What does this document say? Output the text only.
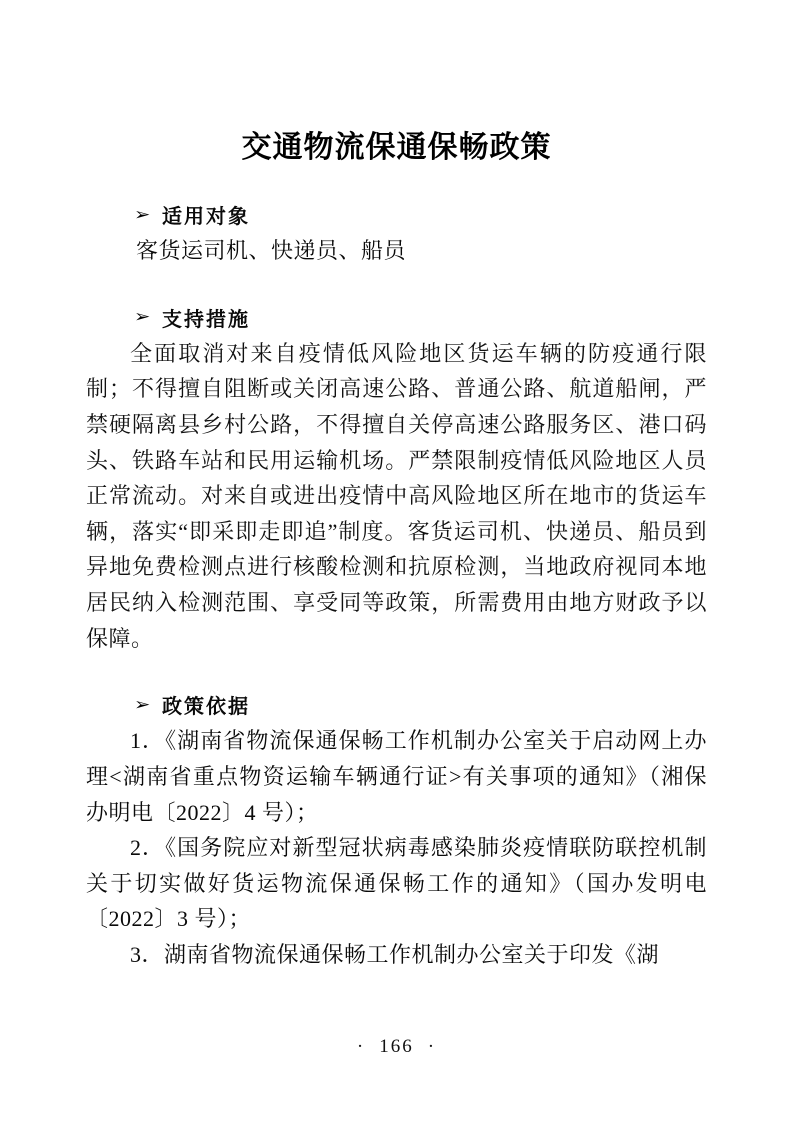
交通物流保通保畅政策
➢ 适用对象

客货运司机、快递员、船员

➢ 支持措施

全面取消对来自疫情低风险地区货运车辆的防疫通行限制；不得擅自阻断或关闭高速公路、普通公路、航道船闸，严禁硬隔离县乡村公路，不得擅自关停高速公路服务区、港口码头、铁路车站和民用运输机场。严禁限制疫情低风险地区人员正常流动。对来自或进出疫情中高风险地区所在地市的货运车辆，落实“即采即走即追”制度。客货运司机、快递员、船员到异地免费检测点进行核酸检测和抗原检测，当地政府视同本地居民纳入检测范围、享受同等政策，所需费用由地方财政予以保障。

➢ 政策依据

1．《湖南省物流保通保畅工作机制办公室关于启动网上办理<湖南省重点物资运输车辆通行证>有关事项的通知》（湘保办明电〔2022〕4 号）；

2．《国务院应对新型冠状病毒感染肺炎疫情联防联控机制关于切实做好货运物流保通保畅工作的通知》（国办发明电〔2022〕3 号）；

3．湖南省物流保通保畅工作机制办公室关于印发《湖

· 166 ·
